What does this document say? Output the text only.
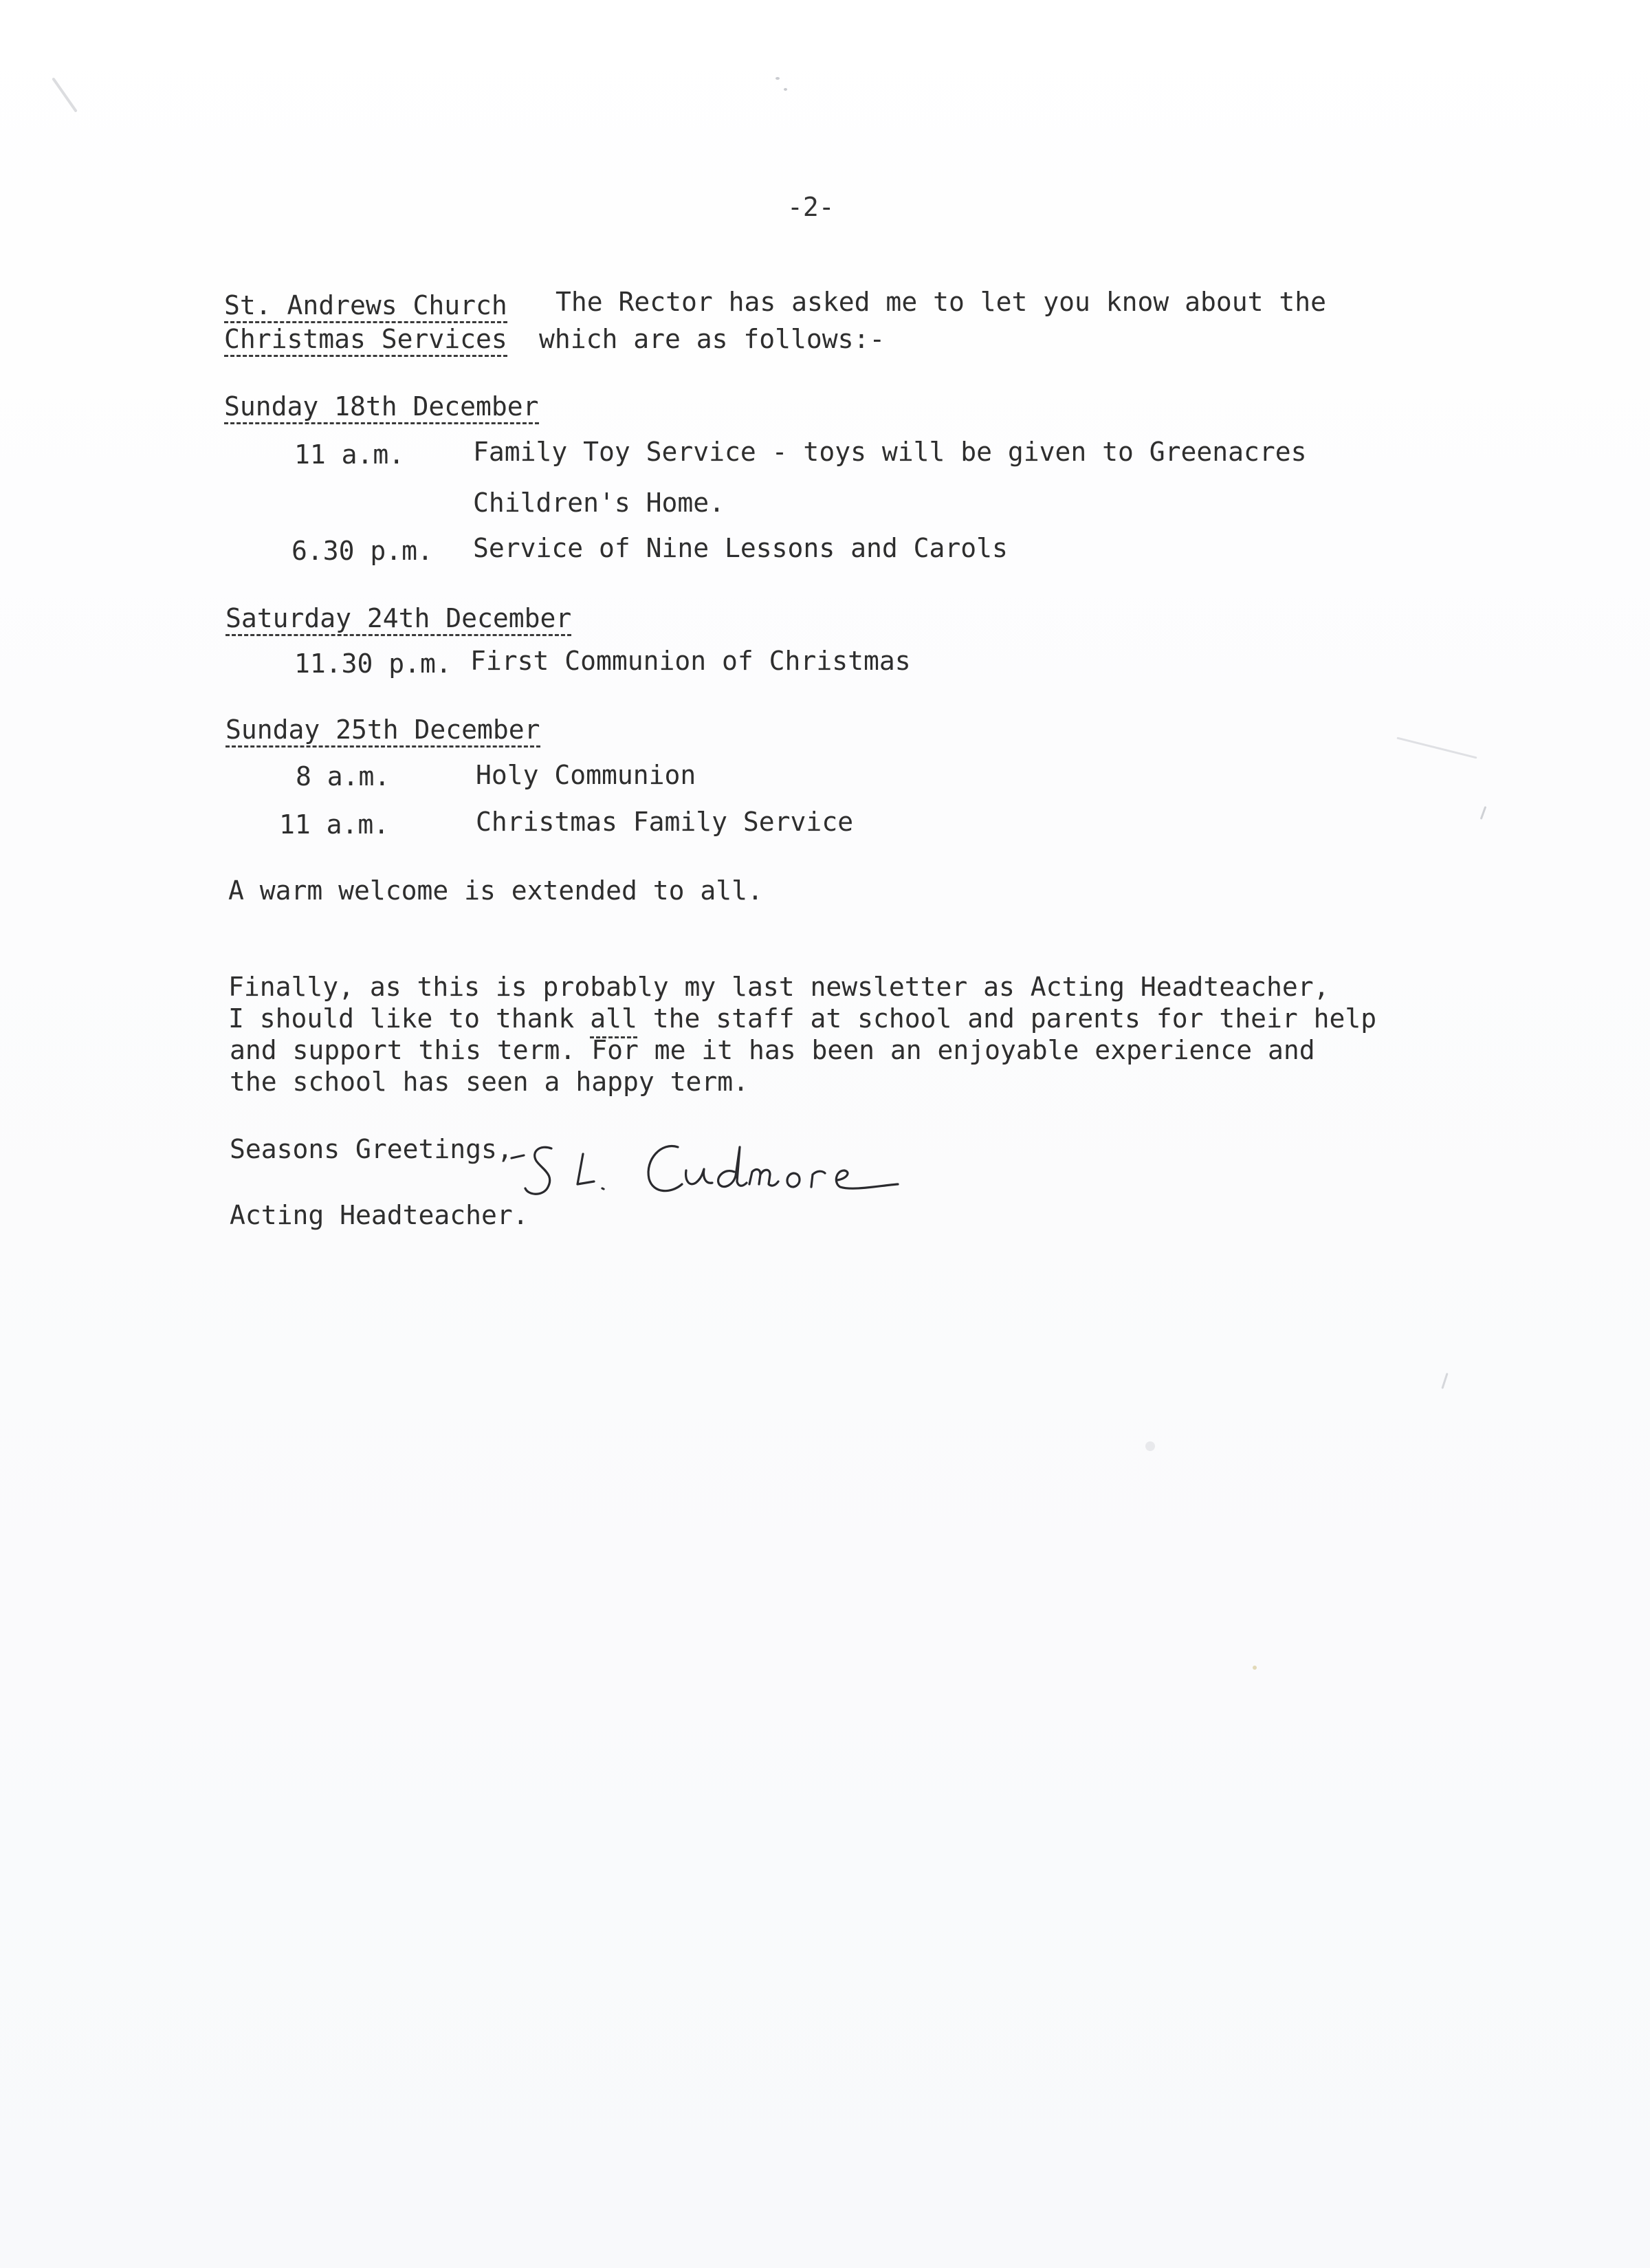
-2-
St. Andrews Church The Rector has asked me to let you know about the
Christmas Services which are as follows:-
Sunday 18th December
11 a.m.	Family Toy Service - toys will be given to Greenacres
Children's Home.
6.30 p.m. Service of Nine Lessons and Carols
Saturday 24th December
11.30 p.m. First Communion of Christmas
Sunday 25th December
8 a.m.	Holy Communion
11 a.m.	Christmas Family Service
A warm welcome is extended to all.
Finally, as this is probably my last newsletter as Acting Headteacher,
I should like to thank all the staff at school and parents for their help
and support this term. For me it has been an enjoyable experience and
the school has seen a happy term.
Seasons Greetings,
Acting Headteacher.
